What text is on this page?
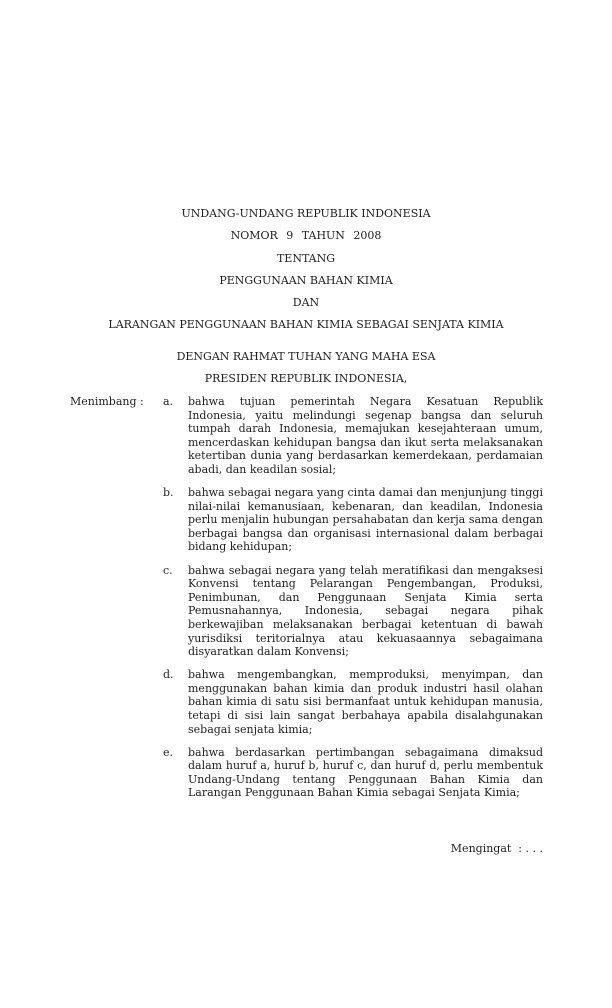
UNDANG-UNDANG REPUBLIK INDONESIA
NOMOR 9 TAHUN 2008
TENTANG
PENGGUNAAN BAHAN KIMIA
DAN
LARANGAN PENGGUNAAN BAHAN KIMIA SEBAGAI SENJATA KIMIA
DENGAN RAHMAT TUHAN YANG MAHA ESA
PRESIDEN REPUBLIK INDONESIA,
Menimbang :	a.	bahwa tujuan pemerintah Negara Kesatuan Republik Indonesia, yaitu melindungi segenap bangsa dan seluruh tumpah darah Indonesia, memajukan kesejahteraan umum, mencerdaskan kehidupan bangsa dan ikut serta melaksanakan ketertiban dunia yang berdasarkan kemerdekaan, perdamaian abadi, dan keadilan sosial;
b.	bahwa sebagai negara yang cinta damai dan menjunjung tinggi nilai-nilai kemanusiaan, kebenaran, dan keadilan, Indonesia perlu menjalin hubungan persahabatan dan kerja sama dengan berbagai bangsa dan organisasi internasional dalam berbagai bidang kehidupan;
c.	bahwa sebagai negara yang telah meratifikasi dan mengaksesi Konvensi tentang Pelarangan Pengembangan, Produksi, Penimbunan, dan Penggunaan Senjata Kimia serta Pemusnahannya, Indonesia, sebagai negara pihak berkewajiban melaksanakan berbagai ketentuan di bawah yurisdiksi teritorialnya atau kekuasaannya sebagaimana disyaratkan dalam Konvensi;
d.	bahwa mengembangkan, memproduksi, menyimpan, dan menggunakan bahan kimia dan produk industri hasil olahan bahan kimia di satu sisi bermanfaat untuk kehidupan manusia, tetapi di sisi lain sangat berbahaya apabila disalahgunakan sebagai senjata kimia;
e.	bahwa berdasarkan pertimbangan sebagaimana dimaksud dalam huruf a, huruf b, huruf c, dan huruf d, perlu membentuk Undang-Undang tentang Penggunaan Bahan Kimia dan Larangan Penggunaan Bahan Kimia sebagai Senjata Kimia;
Mengingat  : . . .
